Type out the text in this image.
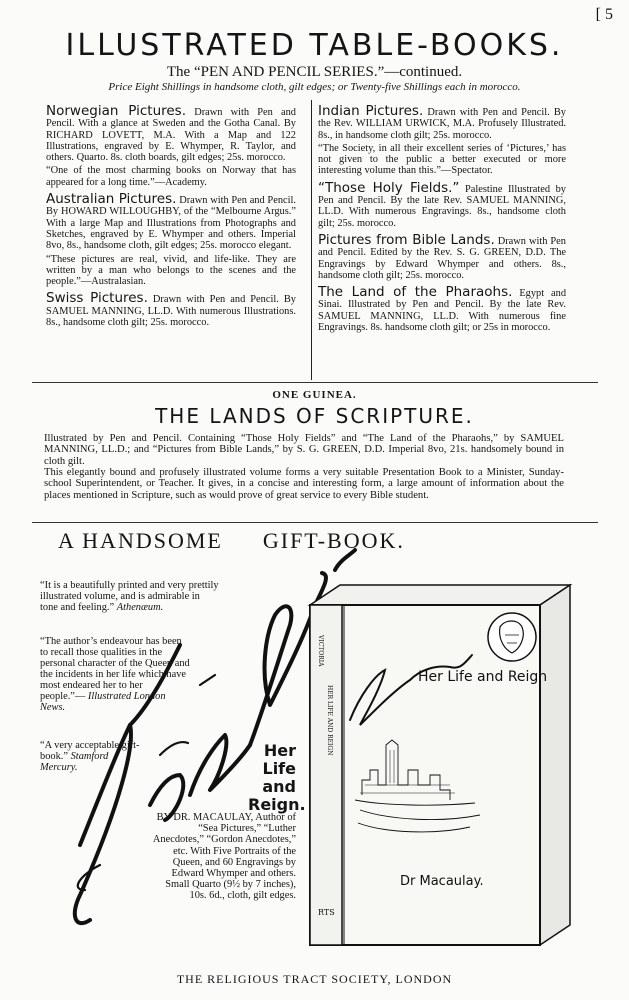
[ 5
ILLUSTRATED TABLE-BOOKS.
The “PEN AND PENCIL SERIES.”—continued.
Price Eight Shillings in handsome cloth, gilt edges; or Twenty-five Shillings each in morocco.
Norwegian Pictures. Drawn with Pen and Pencil. With a glance at Sweden and the Gotha Canal. By RICHARD LOVETT, M.A. With a Map and 122 Illustrations, engraved by E. Whymper, R. Taylor, and others. Quarto. 8s. cloth boards, gilt edges; 25s. morocco.
“One of the most charming books on Norway that has appeared for a long time.”—Academy.
Australian Pictures. Drawn with Pen and Pencil. By HOWARD WILLOUGHBY, of the “Melbourne Argus.” With a large Map and Illustrations from Photographs and Sketches, engraved by E. Whymper and others. Imperial 8vo, 8s., handsome cloth, gilt edges; 25s. morocco elegant.
“These pictures are real, vivid, and life-like. They are written by a man who belongs to the scenes and the people.”—Australasian.
Swiss Pictures. Drawn with Pen and Pencil. By SAMUEL MANNING, LL.D. With numerous Illustrations. 8s., handsome cloth gilt; 25s. morocco.
Indian Pictures. Drawn with Pen and Pencil. By the Rev. WILLIAM URWICK, M.A. Profusely Illustrated. 8s., in handsome cloth gilt; 25s. morocco.
“The Society, in all their excellent series of ‘Pictures,’ has not given to the public a better executed or more interesting volume than this.”—Spectator.
“Those Holy Fields.” Palestine Illustrated by Pen and Pencil. By the late Rev. SAMUEL MANNING, LL.D. With numerous Engravings. 8s., handsome cloth gilt; 25s. morocco.
Pictures from Bible Lands. Drawn with Pen and Pencil. Edited by the Rev. S. G. GREEN, D.D. The Engravings by Edward Whymper and others. 8s., handsome cloth gilt; 25s. morocco.
The Land of the Pharaohs. Egypt and Sinai. Illustrated by Pen and Pencil. By the late Rev. SAMUEL MANNING, LL.D. With numerous fine Engravings. 8s. handsome cloth gilt; or 25s in morocco.
ONE GUINEA.
THE LANDS OF SCRIPTURE.
Illustrated by Pen and Pencil. Containing “Those Holy Fields” and “The Land of the Pharaohs,” by SAMUEL MANNING, LL.D.; and “Pictures from Bible Lands,” by S. G. GREEN, D.D. Imperial 8vo, 21s. handsomely bound in cloth gilt.
This elegantly bound and profusely illustrated volume forms a very suitable Presentation Book to a Minister, Sunday-school Superintendent, or Teacher. It gives, in a concise and interesting form, a large amount of information about the places mentioned in Scripture, such as would prove of great service to every Bible student.
A HANDSOME GIFT-BOOK.
“It is a beautifully printed and very prettily illustrated volume, and is admirable in tone and feeling.” Athenæum.
“The author’s endeavour has been to recall those qualities in the personal character of the Queen and the incidents in her life which have most endeared her to her people.”— Illustrated London News.
“A very acceptable gift-book.” Stamford Mercury.
Her
Life
and
Reign.
BY DR. MACAULAY, Author of “Sea Pictures,” “Luther Anecdotes,” “Gordon Anecdotes,” etc. With Five Portraits of the Queen, and 60 Engravings by Edward Whymper and others. Small Quarto (9½ by 7 inches), 10s. 6d., cloth, gilt edges.
Her Life and Reign
Dr Macaulay.
VICTORIA
HER LIFE AND REIGN
RTS
THE RELIGIOUS TRACT SOCIETY, LONDON
